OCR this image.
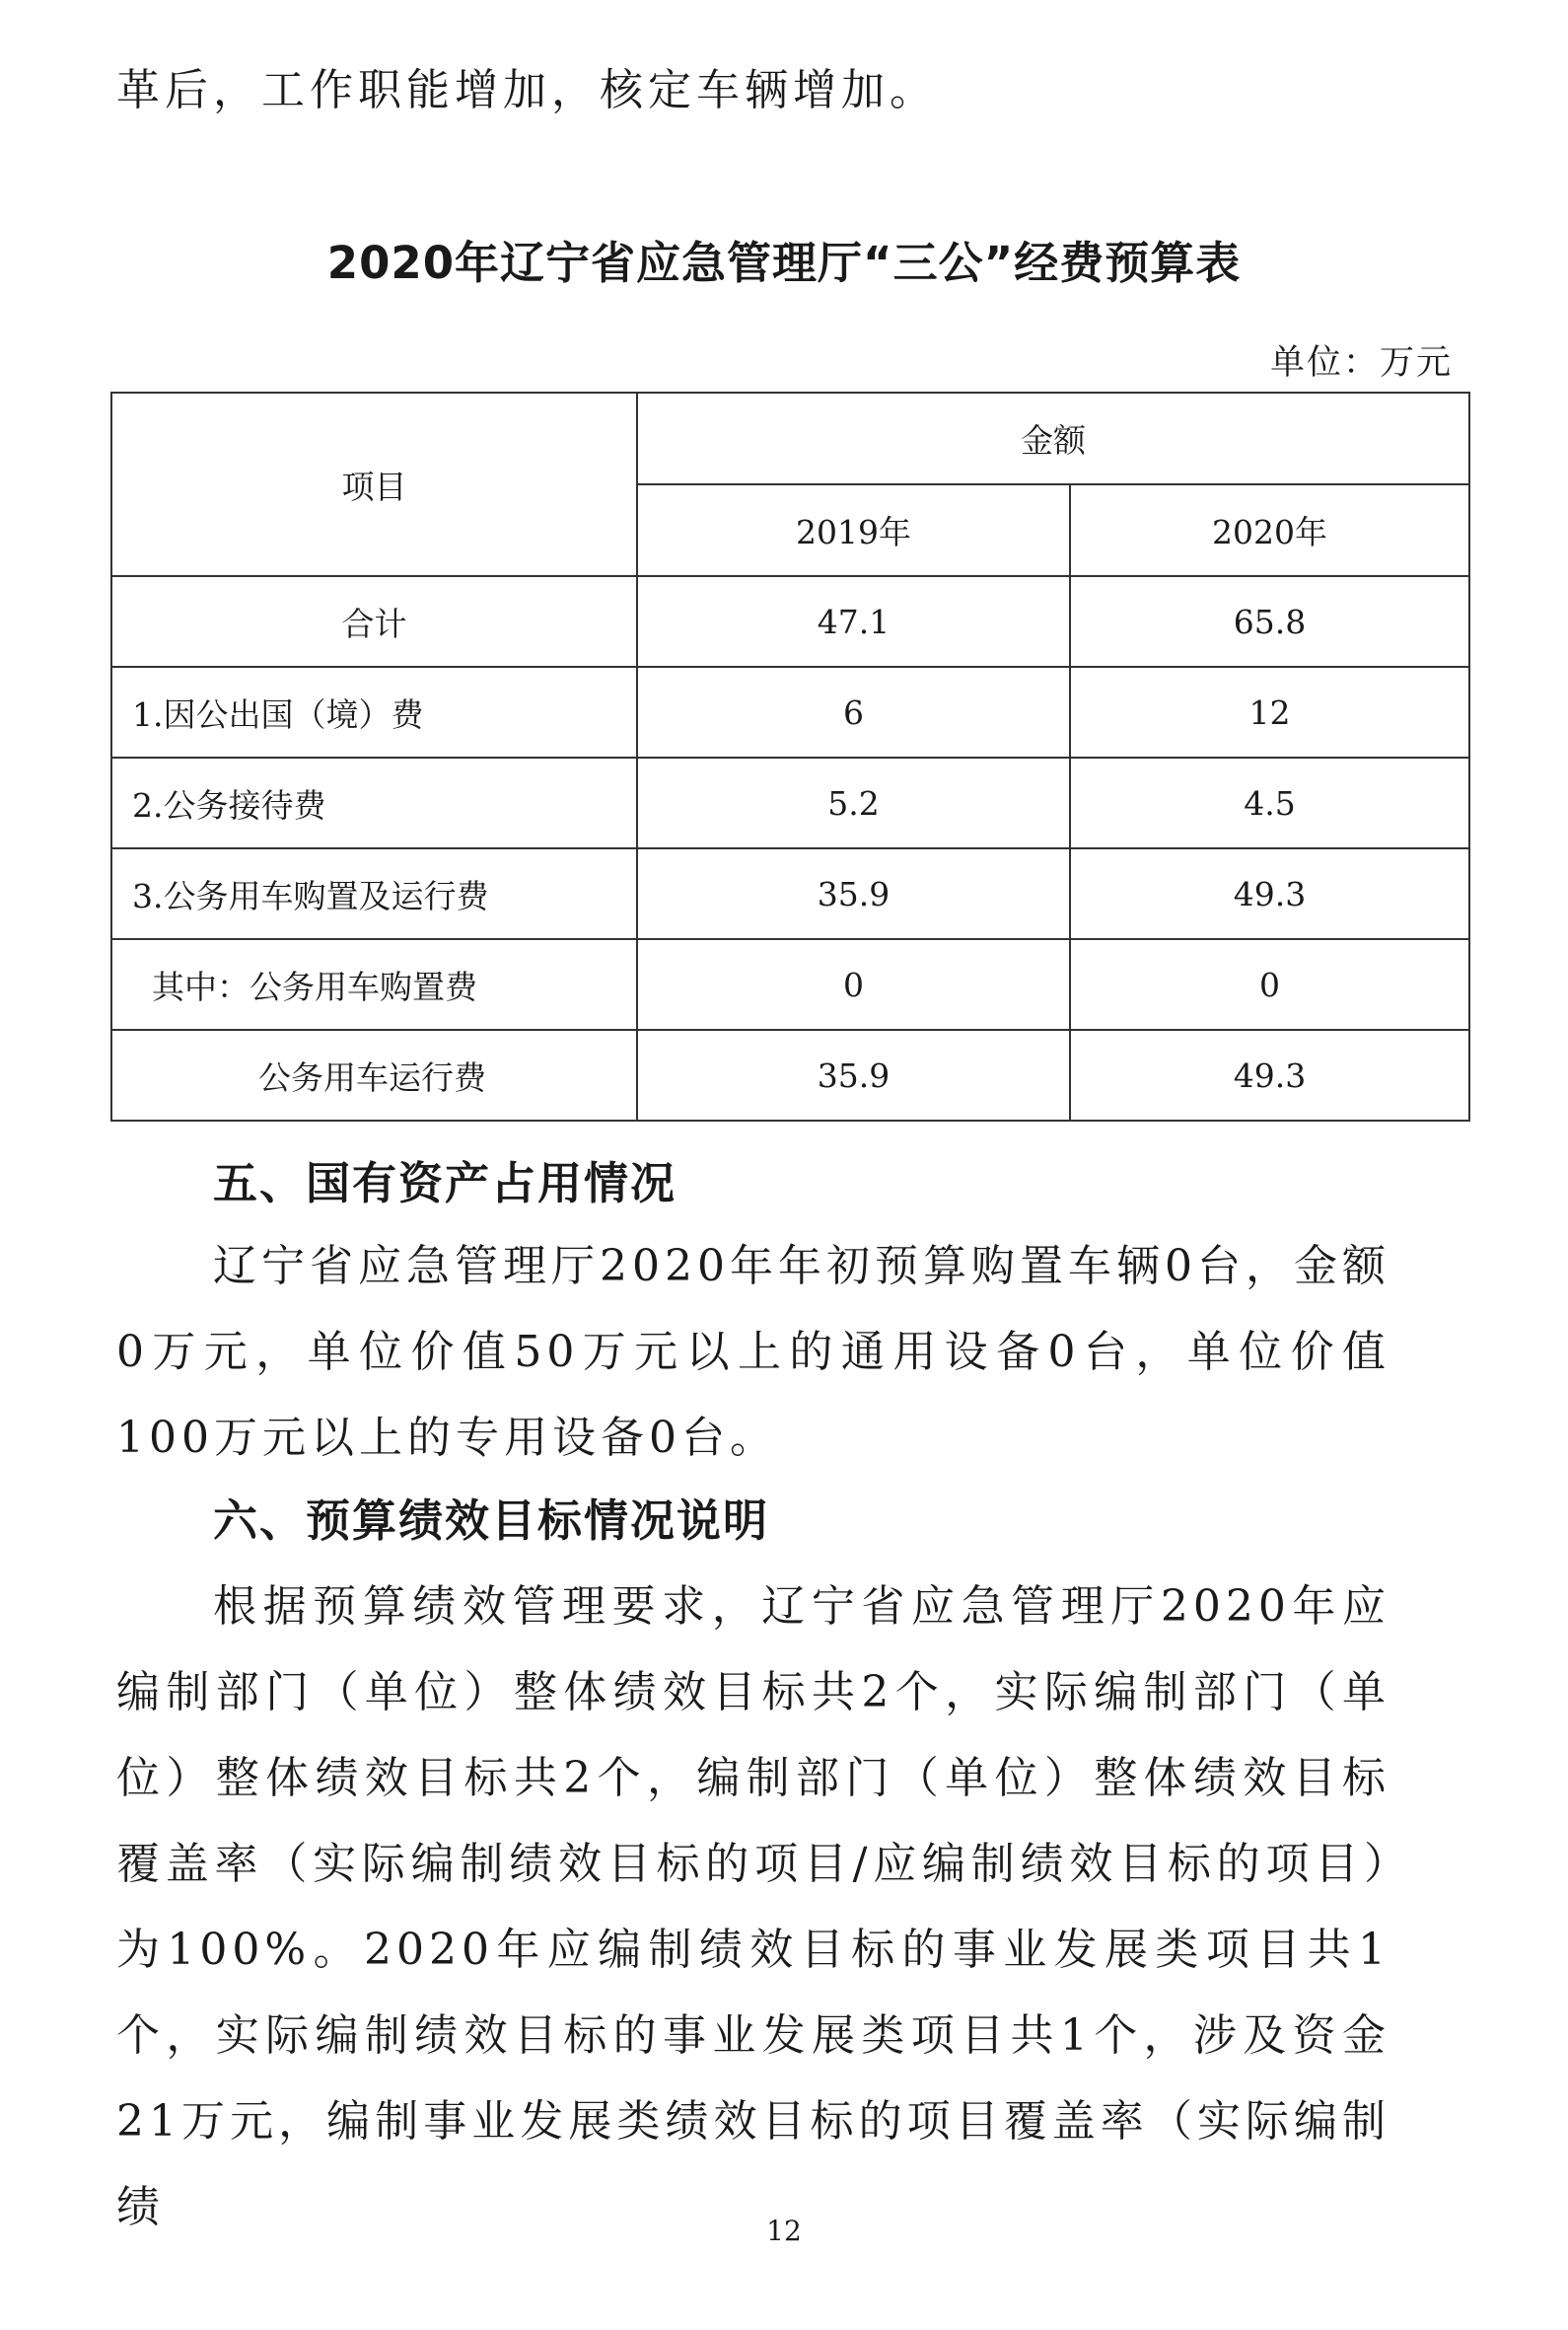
革后，工作职能增加，核定车辆增加。

2020年辽宁省应急管理厅“三公”经费预算表

单位：万元

项目	金额	
	2019年	2020年
合计	47.1	65.8
1.因公出国（境）费	6	12
2.公务接待费	5.2	4.5
3.公务用车购置及运行费	35.9	49.3
其中：公务用车购置费	0	0
公务用车运行费	35.9	49.3
五、国有资产占用情况

辽宁省应急管理厅2020年年初预算购置车辆0台，金额0万元，单位价值50万元以上的通用设备0台，单位价值100万元以上的专用设备0台。

六、预算绩效目标情况说明

根据预算绩效管理要求，辽宁省应急管理厅2020年应编制部门（单位）整体绩效目标共2个，实际编制部门（单位）整体绩效目标共2个，编制部门（单位）整体绩效目标覆盖率（实际编制绩效目标的项目/应编制绩效目标的项目）为100%。2020年应编制绩效目标的事业发展类项目共1个，实际编制绩效目标的事业发展类项目共1个，涉及资金21万元，编制事业发展类绩效目标的项目覆盖率（实际编制绩	12
